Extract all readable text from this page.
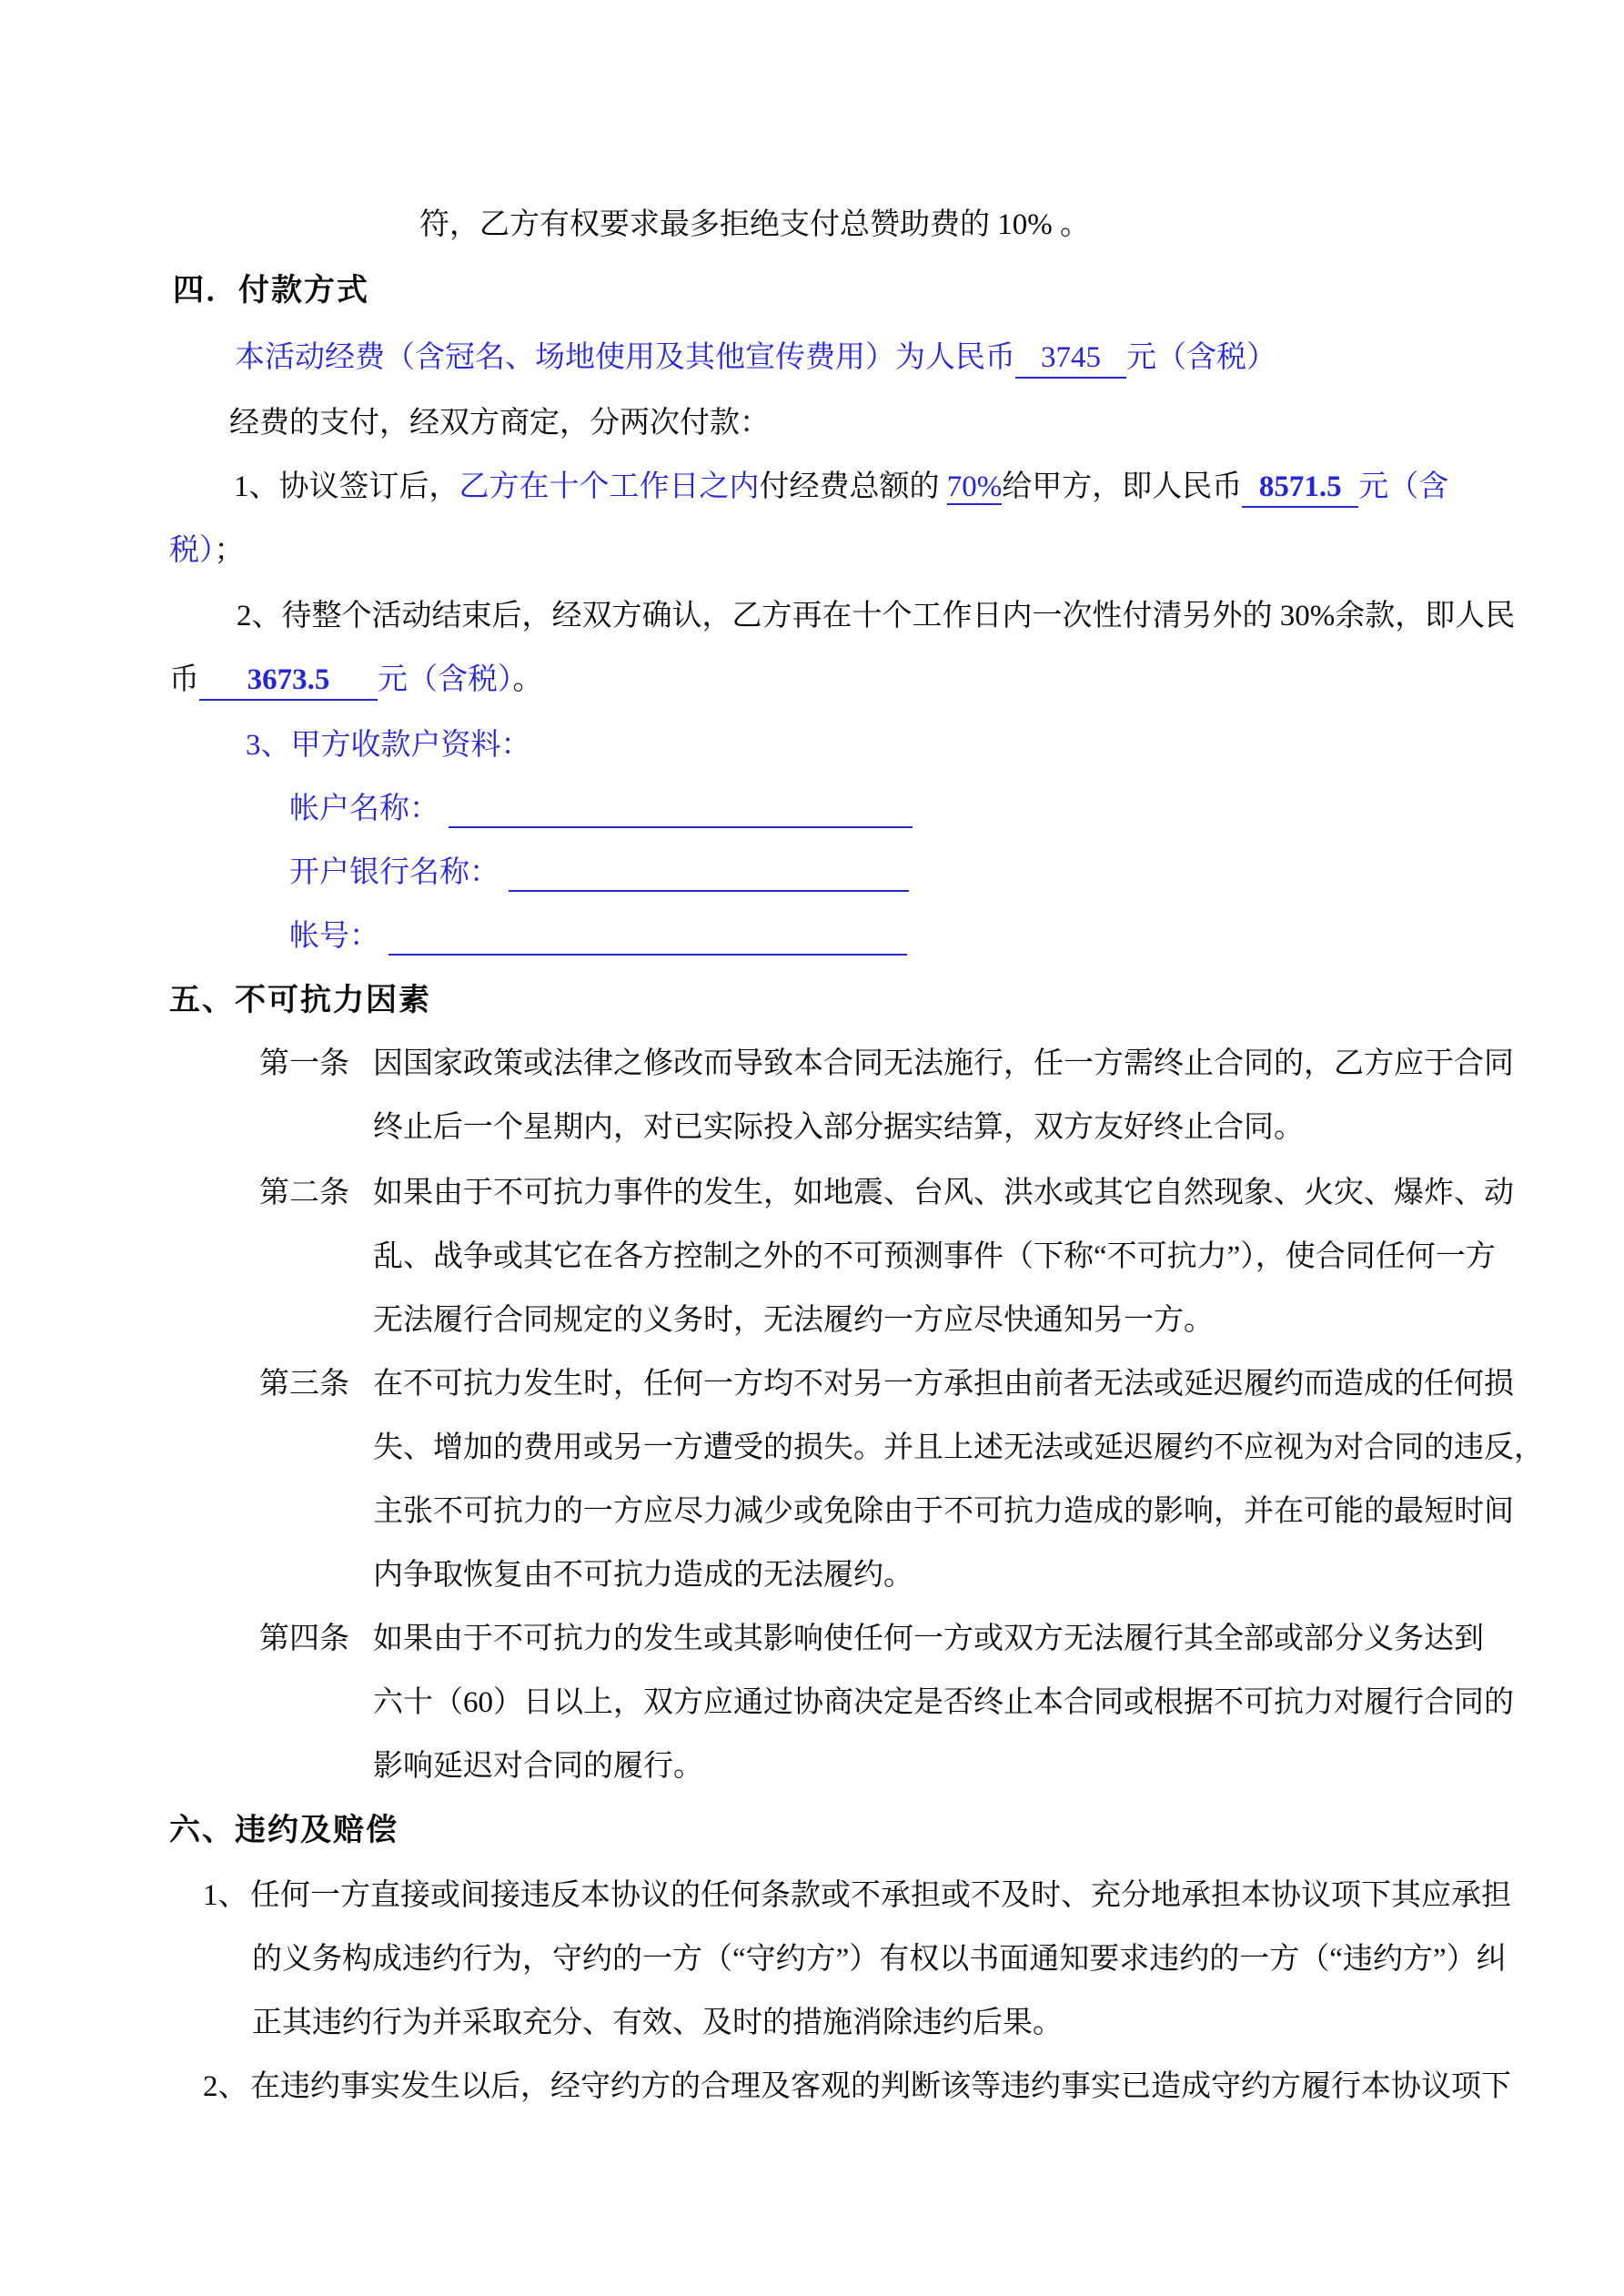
符，乙方有权要求最多拒绝支付总赞助费的 10% 。
四．付款方式
本活动经费（含冠名、场地使用及其他宣传费用）为人民币 3745 元（含税）
经费的支付，经双方商定，分两次付款：
1、协议签订后，乙方在十个工作日之内付经费总额的 70%给甲方，即人民币 8571.5 元（含
税）；
2、待整个活动结束后，经双方确认，乙方再在十个工作日内一次性付清另外的 30%余款，即人民
币 3673.5 元（含税）。
3、甲方收款户资料：
帐户名称：
开户银行名称：
帐号：
五、不可抗力因素
第一条 因国家政策或法律之修改而导致本合同无法施行，任一方需终止合同的，乙方应于合同
终止后一个星期内，对已实际投入部分据实结算，双方友好终止合同。
第二条 如果由于不可抗力事件的发生，如地震、台风、洪水或其它自然现象、火灾、爆炸、动
乱、战争或其它在各方控制之外的不可预测事件（下称“不可抗力”），使合同任何一方
无法履行合同规定的义务时，无法履约一方应尽快通知另一方。
第三条 在不可抗力发生时，任何一方均不对另一方承担由前者无法或延迟履约而造成的任何损
失、增加的费用或另一方遭受的损失。并且上述无法或延迟履约不应视为对合同的违反，
主张不可抗力的一方应尽力减少或免除由于不可抗力造成的影响，并在可能的最短时间
内争取恢复由不可抗力造成的无法履约。
第四条 如果由于不可抗力的发生或其影响使任何一方或双方无法履行其全部或部分义务达到
六十（60）日以上，双方应通过协商决定是否终止本合同或根据不可抗力对履行合同的
影响延迟对合同的履行。
六、违约及赔偿
1、任何一方直接或间接违反本协议的任何条款或不承担或不及时、充分地承担本协议项下其应承担
的义务构成违约行为，守约的一方（“守约方”）有权以书面通知要求违约的一方（“违约方”）纠
正其违约行为并采取充分、有效、及时的措施消除违约后果。
2、在违约事实发生以后，经守约方的合理及客观的判断该等违约事实已造成守约方履行本协议项下
